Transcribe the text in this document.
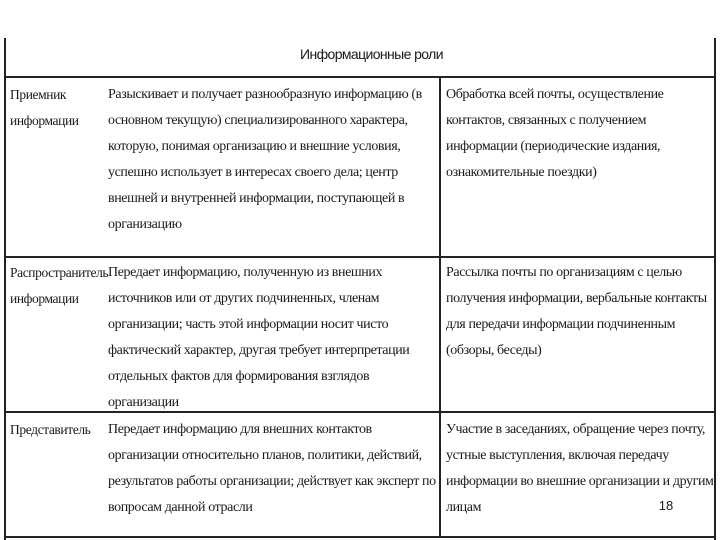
Информационные роли
Приемник информации
Разыскивает и получает разнообразную информацию (в основном текущую) специализированного характера, которую, понимая организацию и внешние условия, успешно использует в интересах своего дела; центр внешней и внутренней информации, поступающей в организацию
Обработка всей почты, осуществление контактов, связанных с получением информации (периодические издания, ознакомительные поездки)
Распространитель информации
Передает информацию, полученную из внешних источников или от других подчиненных, членам организации; часть этой информации носит чисто фактический характер, другая требует интерпретации отдельных фактов для формирования взглядов организации
Рассылка почты по организациям с целью получения информации, вербальные контакты для передачи информации подчиненным (обзоры, беседы)
Представитель	Передает информацию для внешних контактов организации относительно планов, политики, действий, результатов работы организации; действует как эксперт по вопросам данной отрасли
Участие в заседаниях, обращение через почту, устные выступления, включая передачу информации во внешние организации и другим лицам	18
